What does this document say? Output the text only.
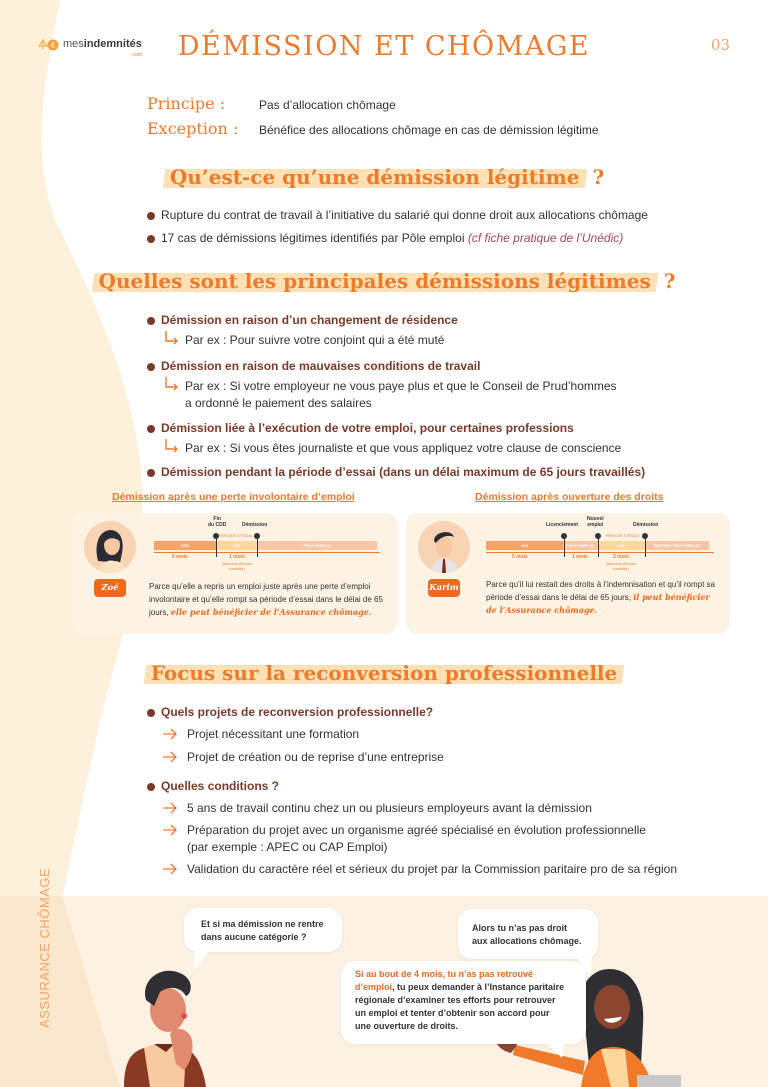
€ mesindemnités
.com	DÉMISSION ET CHÔMAGE	03
Principe :	Pas d’allocation chômage
Exception : Bénéfice des allocations chômage en cas de démission légitime
Qu’est-ce qu’une démission légitime ?
Rupture du contrat de travail à l’initiative du salarié qui donne droit aux allocations chômage
17 cas de démissions légitimes identifiés par Pôle emploi (cf fiche pratique de l’Unédic)
Quelles sont les principales démissions légitimes ?
Démission en raison d’un changement de résidence
Par ex : Pour suivre votre conjoint qui a été muté
Démission en raison de mauvaises conditions de travail
Par ex : Si votre employeur ne vous paye plus et que le Conseil de Prud’hommes
a ordonné le paiement des salaires
Démission liée à l’exécution de votre emploi, pour certaines professions
Par ex : Si vous êtes journaliste et que vous appliquez votre clause de conscience
Démission pendant la période d’essai (dans un délai maximum de 65 jours travaillés)
Démission après une perte involontaire d’emploi
Zoé
Fin
du CDD	Démission
PÉRIODE D’ESSAI
CDD	CDI	PÔLE EMPLOI
6 mois	1 mois
(Moins de 65 jours travaillés)
Parce qu’elle a repris un emploi juste après une perte d’emploi involontaire et qu’elle rompt sa période d’essai dans le délai de 65 jours, elle peut bénéficier de l’Assurance chômage.
Démission après ouverture des droits
Karim
Licenciement
Nouvel
emploi	Démission
PÉRIODE D’ESSAI
CDI	PÔLE EMPLOI	CDI	REPRISE PÔLE EMPLOI
5 mois	1 mois	2 mois
(Moins de 65 jours travaillés)
Parce qu’il lui restait des droits à l’indemnisation et qu’il rompt sa période d’essai dans le délai de 65 jours, il peut bénéficier de l’Assurance chômage.
Focus sur la reconversion professionnelle
Quels projets de reconversion professionnelle?
Projet nécessitant une formation
Projet de création ou de reprise d’une entreprise
Quelles conditions ?
5 ans de travail continu chez un ou plusieurs employeurs avant la démission
Préparation du projet avec un organisme agréé spécialisé en évolution professionnelle
(par exemple : APEC ou CAP Emploi)
Validation du caractère réel et sérieux du projet par la Commission paritaire pro de sa région
ASSURANCE CHÔMAGE	Et si ma démission ne rentre
dans aucune catégorie ?
Alors tu n’as pas droit
aux allocations chômage.
Si au bout de 4 mois, tu n’as pas retrouvé
d’emploi, tu peux demander à l’Instance paritaire
régionale d’examiner tes efforts pour retrouver
un emploi et tenter d’obtenir son accord pour
une ouverture de droits.
